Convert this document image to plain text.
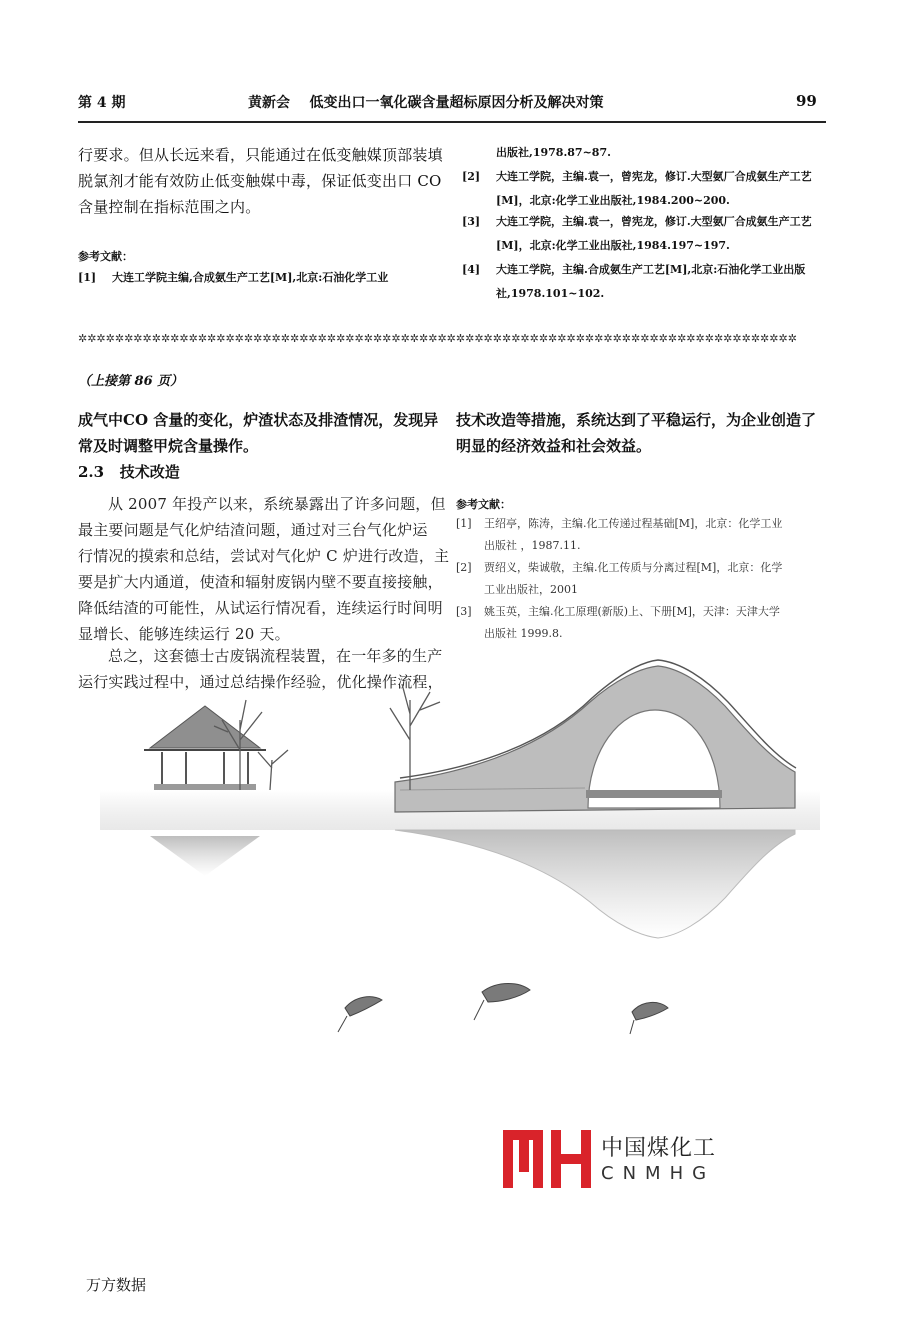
第 4 期	黄新会    低变出口一氧化碳含量超标原因分析及解决对策	99
行要求。但从长远来看，只能通过在低变触媒顶部装填
脱氯剂才能有效防止低变触媒中毒，保证低变出口 CO
含量控制在指标范围之内。
参考文献：
[1]	大连工学院主编,合成氨生产工艺[M],北京:石油化学工业
出版社,1978.87~87.
[2]	大连工学院，主编.袁一，曾宪龙，修订.大型氨厂合成氨生产工艺[M]，北京:化学工业出版社,1984.200~200.
[3]	大连工学院，主编.袁一，曾宪龙，修订.大型氨厂合成氨生产工艺[M]，北京:化学工业出版社,1984.197~197.
[4]	大连工学院，主编.合成氨生产工艺[M],北京:石油化学工业出版社,1978.101~102.
✲✲✲✲✲✲✲✲✲✲✲✲✲✲✲✲✲✲✲✲✲✲✲✲✲✲✲✲✲✲✲✲✲✲✲✲✲✲✲✲✲✲✲✲✲✲✲✲✲✲✲✲✲✲✲✲✲✲✲✲✲✲✲✲✲✲✲✲✲✲✲✲✲✲✲✲✲✲
（上接第 86 页）
成气中CO 含量的变化，炉渣状态及排渣情况，发现异
常及时调整甲烷含量操作。
2.3   技术改造
从 2007 年投产以来，系统暴露出了许多问题，但
最主要问题是气化炉结渣问题，通过对三台气化炉运
行情况的摸索和总结，尝试对气化炉 C 炉进行改造，主
要是扩大内通道，使渣和辐射废锅内壁不要直接接触，
降低结渣的可能性，从试运行情况看，连续运行时间明
显增长、能够连续运行 20 天。
总之，这套德士古废锅流程装置，在一年多的生产
运行实践过程中，通过总结操作经验，优化操作流程，
技术改造等措施，系统达到了平稳运行，为企业创造了
明显的经济效益和社会效益。
参考文献：
[1]	王绍亭，陈涛，主编.化工传递过程基础[M]，北京：化学工业
出版社 ，1987.11.
[2]	贾绍义，柴诚敬，主编.化工传质与分离过程[M]，北京：化学
工业出版社，2001
[3]	姚玉英，主编.化工原理(新版)上、下册[M]，天津：天津大学
出版社 1999.8.
中国煤化工
CNMHG
万方数据
